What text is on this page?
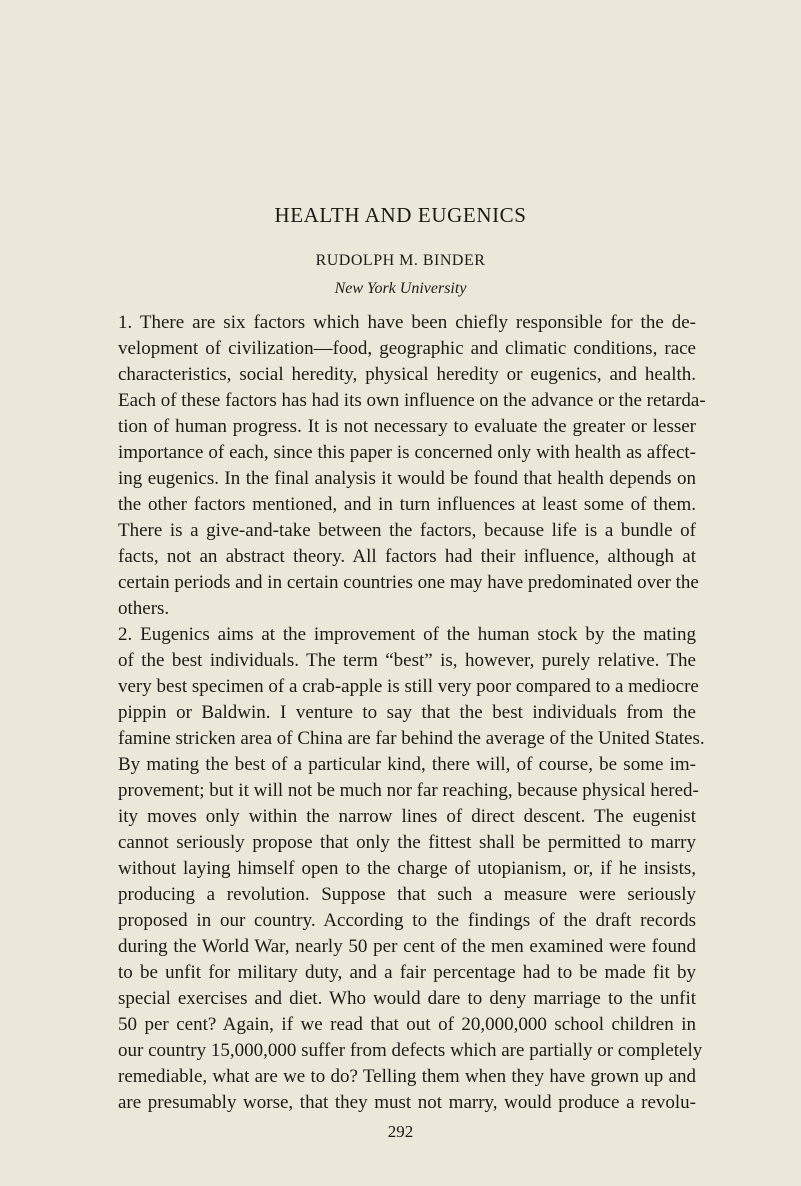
HEALTH AND EUGENICS
RUDOLPH M. BINDER
New York University
1. There are six factors which have been chiefly responsible for the de-
velopment of civilization—food, geographic and climatic conditions, race
characteristics, social heredity, physical heredity or eugenics, and health.
Each of these factors has had its own influence on the advance or the retarda-
tion of human progress. It is not necessary to evaluate the greater or lesser
importance of each, since this paper is concerned only with health as affect-
ing eugenics. In the final analysis it would be found that health depends on
the other factors mentioned, and in turn influences at least some of them.
There is a give-and-take between the factors, because life is a bundle of
facts, not an abstract theory. All factors had their influence, although at
certain periods and in certain countries one may have predominated over the
others.
2. Eugenics aims at the improvement of the human stock by the mating
of the best individuals. The term “best” is, however, purely relative. The
very best specimen of a crab-apple is still very poor compared to a mediocre
pippin or Baldwin. I venture to say that the best individuals from the
famine stricken area of China are far behind the average of the United States.
By mating the best of a particular kind, there will, of course, be some im-
provement; but it will not be much nor far reaching, because physical hered-
ity moves only within the narrow lines of direct descent. The eugenist
cannot seriously propose that only the fittest shall be permitted to marry
without laying himself open to the charge of utopianism, or, if he insists,
producing a revolution. Suppose that such a measure were seriously
proposed in our country. According to the findings of the draft records
during the World War, nearly 50 per cent of the men examined were found
to be unfit for military duty, and a fair percentage had to be made fit by
special exercises and diet. Who would dare to deny marriage to the unfit
50 per cent? Again, if we read that out of 20,000,000 school children in
our country 15,000,000 suffer from defects which are partially or completely
remediable, what are we to do? Telling them when they have grown up and
are presumably worse, that they must not marry, would produce a revolu-
292
